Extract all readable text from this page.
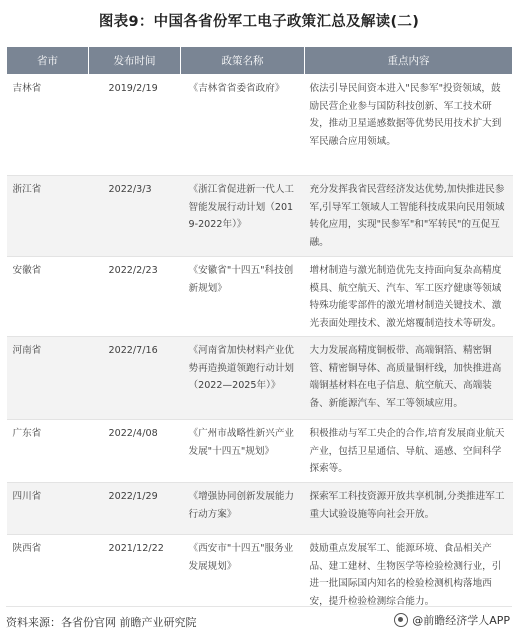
图表9：中国各省份军工电子政策汇总及解读(二)
省市	发布时间	政策名称	重点内容
吉林省	2019/2/19	《吉林省省委省政府》	依法引导民间资本进入"民参军"投资领域，鼓励民营企业参与国防科技创新、军工技术研发，推动卫星遥感数据等优势民用技术扩大到军民融合应用领域。
浙江省	2022/3/3	《浙江省促进新一代人工智能发展行动计划（2019-2022年）》	充分发挥我省民营经济发达优势,加快推进民参军,引导军工领域人工智能科技成果向民用领域转化应用，实现"民参军"和"军转民"的互促互融。
安徽省	2022/2/23	《安徽省"十四五"科技创新规划》	增材制造与激光制造优先支持面向复杂高精度模具、航空航天、汽车、军工医疗健康等领域特殊功能零部件的激光增材制造关键技术、激光表面处理技术、激光熔覆制造技术等研发。
河南省	2022/7/16	《河南省加快材料产业优势再造换道领跑行动计划（2022—2025年）》	大力发展高精度铜板带、高端铜箔、精密铜管、精密铜导体、高质量铜杆线，加快推进高端铜基材料在电子信息、航空航天、高端装备、新能源汽车、军工等领域应用。
广东省	2022/4/08	《广州市战略性新兴产业发展"十四五"规划》	积极推动与军工央企的合作,培育发展商业航天产业，包括卫星通信、导航、遥感、空间科学探索等。
四川省	2022/1/29	《增强协同创新发展能力行动方案》	探索军工科技资源开放共享机制,分类推进军工重大试验设施等向社会开放。
陕西省	2021/12/22	《西安市"十四五"服务业发展规划》	鼓励重点发展军工、能源环境、食品相关产品、建工建材、生物医学等检验检测行业，引进一批国际国内知名的检验检测机构落地西安，提升检验检测综合能力。
资料来源：各省份官网 前瞻产业研究院	@前瞻经济学人APP
